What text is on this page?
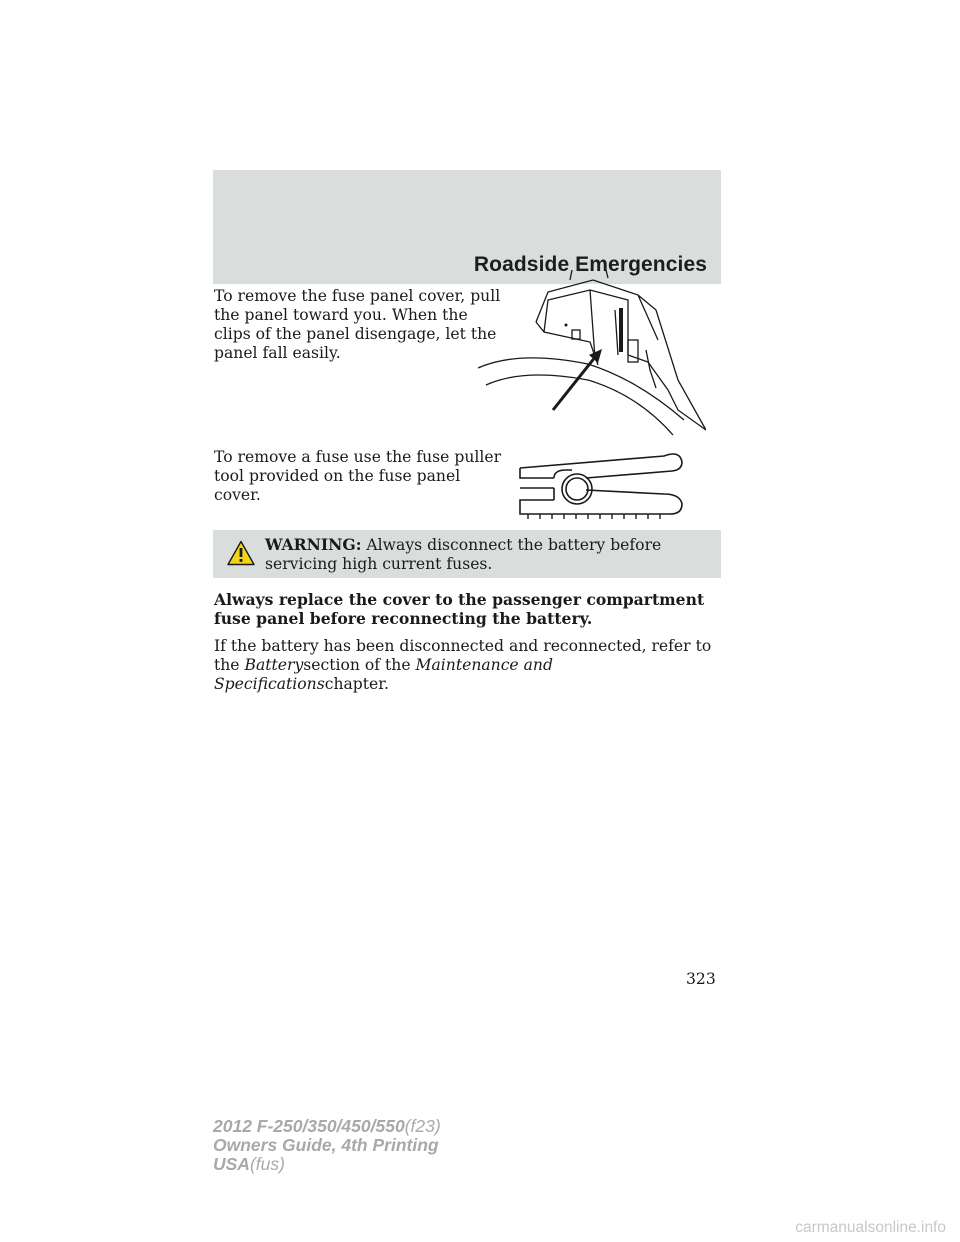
Roadside Emergencies
To remove the fuse panel cover, pull the panel toward you. When the clips of the panel disengage, let the panel fall easily.
To remove a fuse use the fuse puller tool provided on the fuse panel cover.
WARNING: Always disconnect the battery before servicing high current fuses.
Always replace the cover to the passenger compartment fuse panel before reconnecting the battery.
If the battery has been disconnected and reconnected, refer to the Batterysection of the Maintenance and Specificationschapter.
323
2012 F-250/350/450/550(f23)
Owners Guide, 4th Printing
USA(fus)
carmanualsonline.info
